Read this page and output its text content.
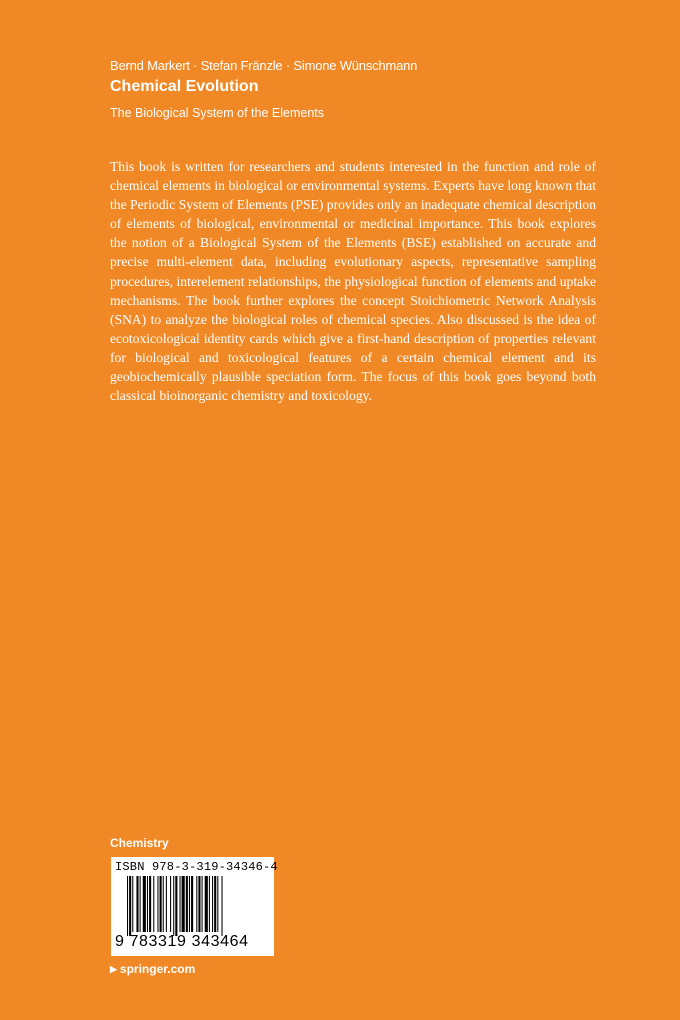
Bernd Markert · Stefan Fränzle · Simone Wünschmann
Chemical Evolution
The Biological System of the Elements

This book is written for researchers and students interested in the function and role of chemical elements in biological or environmental systems. Experts have long known that the Periodic System of Elements (PSE) provides only an inadequate chemical description of elements of biological, environmental or medicinal importance. This book explores the notion of a Biological System of the Elements (BSE) established on accurate and precise multi-element data, including evolutionary aspects, representative sampling procedures, interelement relationships, the physiological function of elements and uptake mechanisms. The book further explores the concept Stoichiometric Network Analysis (SNA) to analyze the biological roles of chemical species. Also discussed is the idea of ecotoxicological identity cards which give a first-hand description of properties relevant for biological and toxicological features of a certain chemical element and its geobiochemically plausible speciation form. The focus of this book goes beyond both classical bioinorganic chemistry and toxicology.

Chemistry
ISBN 978-3-319-34346-4
9 783319 343464
▶ springer.com
